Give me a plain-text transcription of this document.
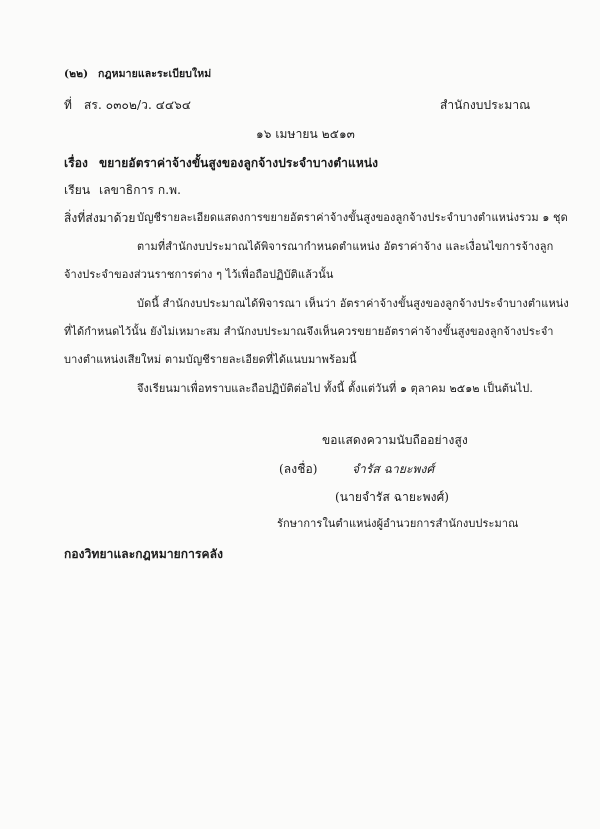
(๒๒) กฎหมายและระเบียบใหม่
ที่ สร. ๐๓๐๒/ว. ๔๔๖๔	สำนักงบประมาณ
๑๖ เมษายน ๒๕๑๓
เรื่อง ขยายอัตราค่าจ้างขั้นสูงของลูกจ้างประจำบางตำแหน่ง
เรียน เลขาธิการ ก.พ.
สิ่งที่ส่งมาด้วย บัญชีรายละเอียดแสดงการขยายอัตราค่าจ้างขั้นสูงของลูกจ้างประจำบางตำแหน่งรวม ๑ ชุด
ตามที่สำนักงบประมาณได้พิจารณากำหนดตำแหน่ง อัตราค่าจ้าง และเงื่อนไขการจ้างลูก
จ้างประจำของส่วนราชการต่าง ๆ ไว้เพื่อถือปฏิบัติแล้วนั้น
บัดนี้ สำนักงบประมาณได้พิจารณา เห็นว่า อัตราค่าจ้างขั้นสูงของลูกจ้างประจำบางตำแหน่ง
ที่ได้กำหนดไว้นั้น ยังไม่เหมาะสม สำนักงบประมาณจึงเห็นควรขยายอัตราค่าจ้างขั้นสูงของลูกจ้างประจำ
บางตำแหน่งเสียใหม่ ตามบัญชีรายละเอียดที่ได้แนบมาพร้อมนี้
จึงเรียนมาเพื่อทราบและถือปฏิบัติต่อไป ทั้งนี้ ตั้งแต่วันที่ ๑ ตุลาคม ๒๕๑๒ เป็นต้นไป.
ขอแสดงความนับถืออย่างสูง
(ลงชื่อ)	จำรัส ฉายะพงศ์
(นายจำรัส ฉายะพงศ์)
รักษาการในตำแหน่งผู้อำนวยการสำนักงบประมาณ
กองวิทยาและกฎหมายการคลัง
